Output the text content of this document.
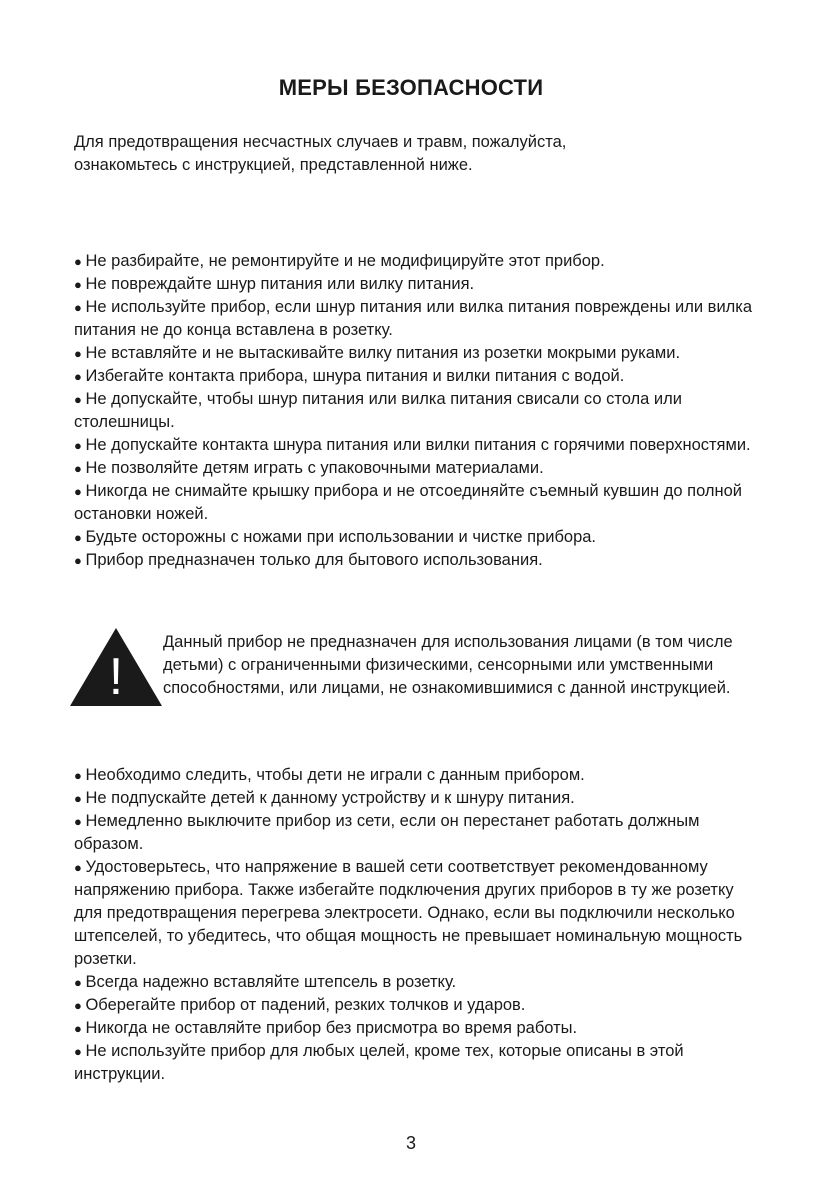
МЕРЫ БЕЗОПАСНОСТИ

Для предотвращения несчастных случаев и травм, пожалуйста,

ознакомьтесь с инструкцией, представленной ниже.

● Не разбирайте, не ремонтируйте и не модифицируйте этот прибор.
● Не повреждайте шнур питания или вилку питания.
● Не используйте прибор, если шнур питания или вилка питания повреждены или вилка питания не до конца вставлена в розетку.
● Не вставляйте и не вытаскивайте вилку питания из розетки мокрыми руками.
● Избегайте контакта прибора, шнура питания и вилки питания с водой.
● Не допускайте, чтобы шнур питания или вилка питания свисали со стола или столешницы.
● Не допускайте контакта шнура питания или вилки питания с горячими поверхностями.
● Не позволяйте детям играть с упаковочными материалами.
● Никогда не снимайте крышку прибора и не отсоединяйте съемный кувшин до полной остановки ножей.
● Будьте осторожны с ножами при использовании и чистке прибора.
● Прибор предназначен только для бытового использования.
!
Данный прибор не предназначен для использования лицами (в том числе детьми) с ограниченными физическими, сенсорными или умственными способностями, или лицами, не ознакомившимися с данной инструкцией.
● Необходимо следить, чтобы дети не играли с данным прибором.
● Не подпускайте детей к данному устройству и к шнуру питания.
● Немедленно выключите прибор из сети, если он перестанет работать должным образом.
● Удостоверьтесь, что напряжение в вашей сети соответствует рекомендованному напряжению прибора. Также избегайте подключения других приборов в ту же розетку для предотвращения перегрева электросети. Однако, если вы подключили несколько штепселей, то убедитесь, что общая мощность не превышает номинальную мощность розетки.
● Всегда надежно вставляйте штепсель в розетку.
● Оберегайте прибор от падений, резких толчков и ударов.
● Никогда не оставляйте прибор без присмотра во время работы.
● Не используйте прибор для любых целей, кроме тех, которые описаны в этой инструкции.
3
